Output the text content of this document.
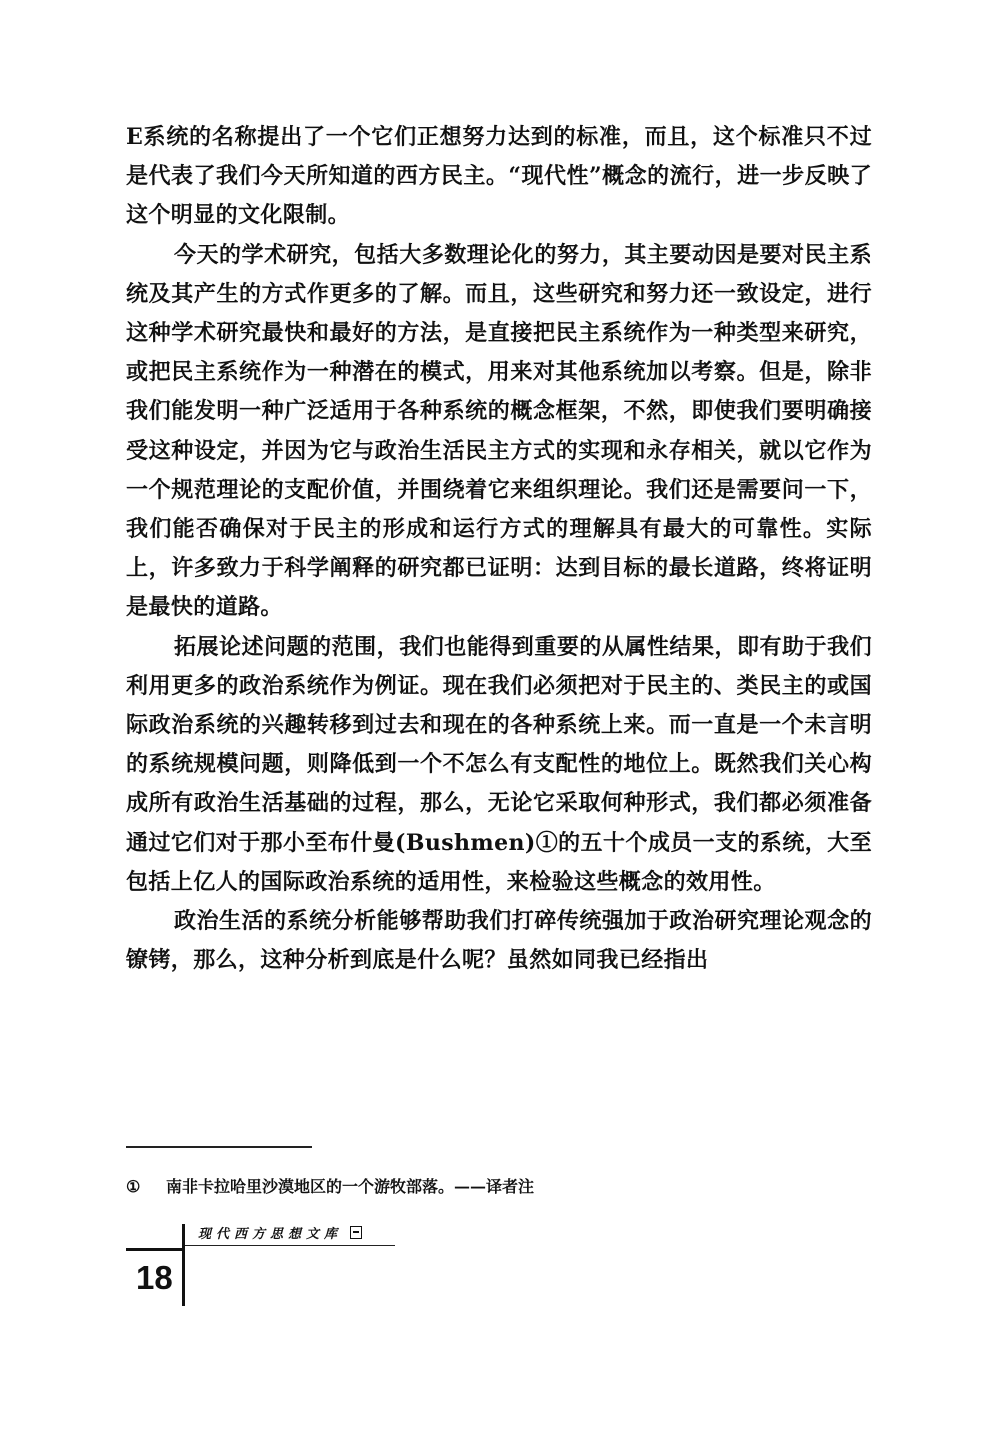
E系统的名称提出了一个它们正想努力达到的标准，而且，这个标准只不过是代表了我们今天所知道的西方民主。“现代性”概念的流行，进一步反映了这个明显的文化限制。

今天的学术研究，包括大多数理论化的努力，其主要动因是要对民主系统及其产生的方式作更多的了解。而且，这些研究和努力还一致设定，进行这种学术研究最快和最好的方法，是直接把民主系统作为一种类型来研究，或把民主系统作为一种潜在的模式，用来对其他系统加以考察。但是，除非我们能发明一种广泛适用于各种系统的概念框架，不然，即使我们要明确接受这种设定，并因为它与政治生活民主方式的实现和永存相关，就以它作为一个规范理论的支配价值，并围绕着它来组织理论。我们还是需要问一下，我们能否确保对于民主的形成和运行方式的理解具有最大的可靠性。实际上，许多致力于科学阐释的研究都已证明：达到目标的最长道路，终将证明是最快的道路。

拓展论述问题的范围，我们也能得到重要的从属性结果，即有助于我们利用更多的政治系统作为例证。现在我们必须把对于民主的、类民主的或国际政治系统的兴趣转移到过去和现在的各种系统上来。而一直是一个未言明的系统规模问题，则降低到一个不怎么有支配性的地位上。既然我们关心构成所有政治生活基础的过程，那么，无论它采取何种形式，我们都必须准备通过它们对于那小至布什曼(Bushmen)①的五十个成员一支的系统，大至包括上亿人的国际政治系统的适用性，来检验这些概念的效用性。

政治生活的系统分析能够帮助我们打碎传统强加于政治研究理论观念的镣铐，那么，这种分析到底是什么呢？虽然如同我已经指出

① 南非卡拉哈里沙漠地区的一个游牧部落。——译者注
现代西方思想文库
18
